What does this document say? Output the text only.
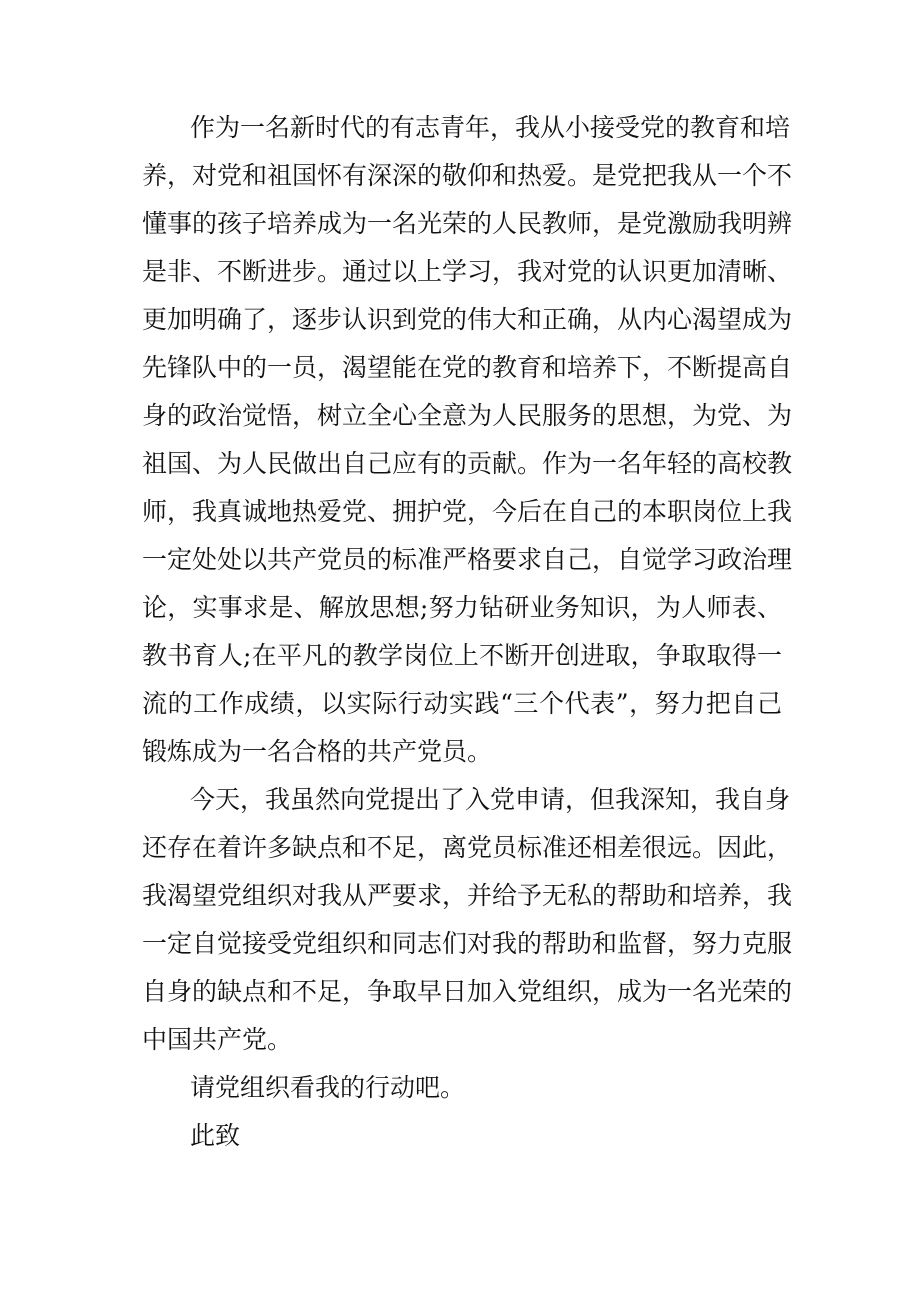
作为一名新时代的有志青年，我从小接受党的教育和培
养，对党和祖国怀有深深的敬仰和热爱。是党把我从一个不
懂事的孩子培养成为一名光荣的人民教师，是党激励我明辨
是非、不断进步。通过以上学习，我对党的认识更加清晰、
更加明确了，逐步认识到党的伟大和正确，从内心渴望成为
先锋队中的一员，渴望能在党的教育和培养下，不断提高自
身的政治觉悟，树立全心全意为人民服务的思想，为党、为
祖国、为人民做出自己应有的贡献。作为一名年轻的高校教
师，我真诚地热爱党、拥护党，今后在自己的本职岗位上我
一定处处以共产党员的标准严格要求自己，自觉学习政治理
论，实事求是、解放思想;努力钻研业务知识，为人师表、
教书育人;在平凡的教学岗位上不断开创进取，争取取得一
流的工作成绩，以实际行动实践“三个代表”，努力把自己
锻炼成为一名合格的共产党员。
今天，我虽然向党提出了入党申请，但我深知，我自身
还存在着许多缺点和不足，离党员标准还相差很远。因此，
我渴望党组织对我从严要求，并给予无私的帮助和培养，我
一定自觉接受党组织和同志们对我的帮助和监督，努力克服
自身的缺点和不足，争取早日加入党组织，成为一名光荣的
中国共产党。
请党组织看我的行动吧。
此致
